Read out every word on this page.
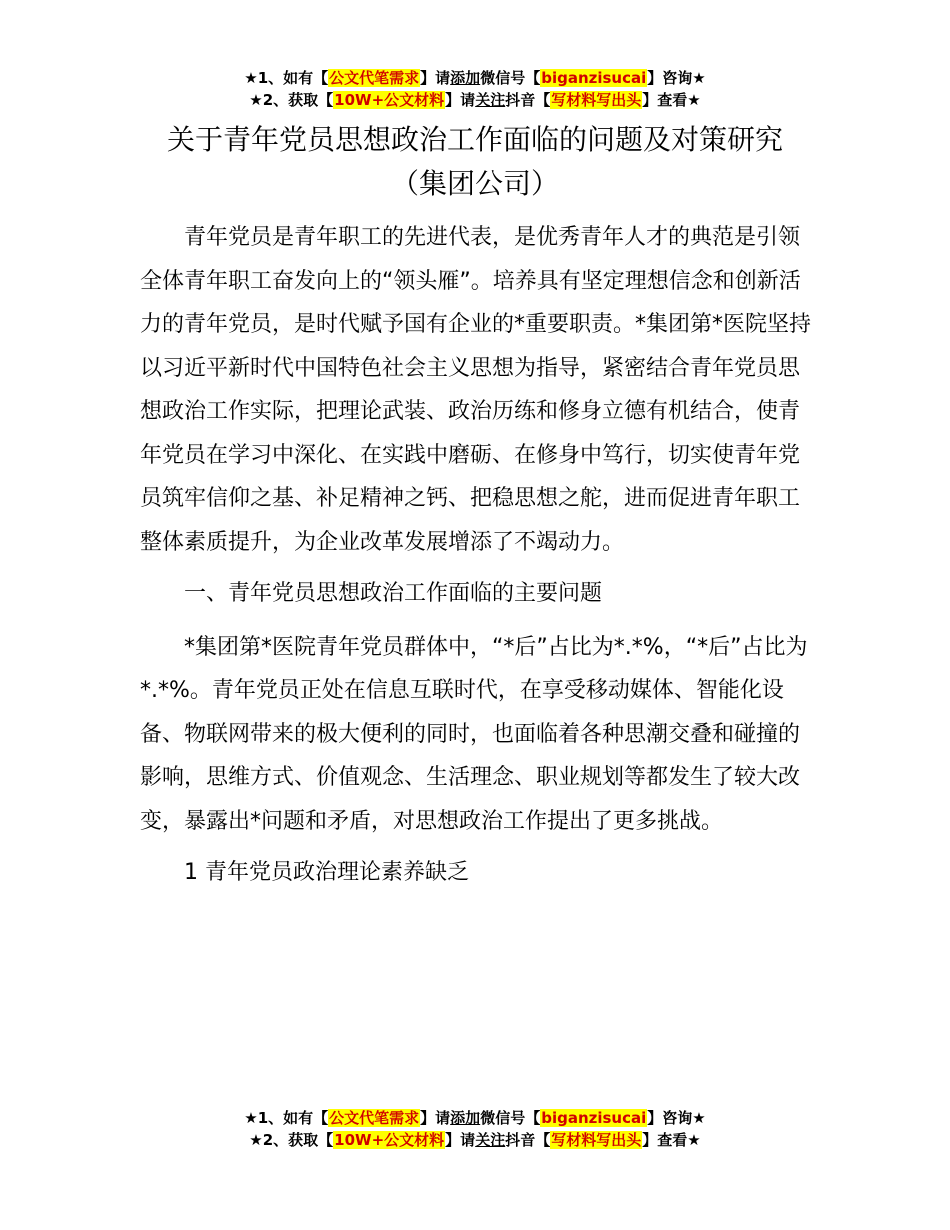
★1、如有【公文代笔需求】请添加微信号【biganzisucai】咨询★
★2、获取【10W+公文材料】请关注抖音【写材料写出头】查看★
关于青年党员思想政治工作面临的问题及对策研究（集团公司）

青年党员是青年职工的先进代表，是优秀青年人才的典范是引领全体青年职工奋发向上的“领头雁”。培养具有坚定理想信念和创新活力的青年党员，是时代赋予国有企业的*重要职责。*集团第*医院坚持以习近平新时代中国特色社会主义思想为指导，紧密结合青年党员思想政治工作实际，把理论武装、政治历练和修身立德有机结合，使青年党员在学习中深化、在实践中磨砺、在修身中笃行，切实使青年党员筑牢信仰之基、补足精神之钙、把稳思想之舵，进而促进青年职工整体素质提升，为企业改革发展增添了不竭动力。

一、青年党员思想政治工作面临的主要问题

*集团第*医院青年党员群体中，“*后”占比为*.*%，“*后”占比为*.*%。青年党员正处在信息互联时代，在享受移动媒体、智能化设备、物联网带来的极大便利的同时，也面临着各种思潮交叠和碰撞的影响，思维方式、价值观念、生活理念、职业规划等都发生了较大改变，暴露出*问题和矛盾，对思想政治工作提出了更多挑战。

1 青年党员政治理论素养缺乏

★1、如有【公文代笔需求】请添加微信号【biganzisucai】咨询★
★2、获取【10W+公文材料】请关注抖音【写材料写出头】查看★
